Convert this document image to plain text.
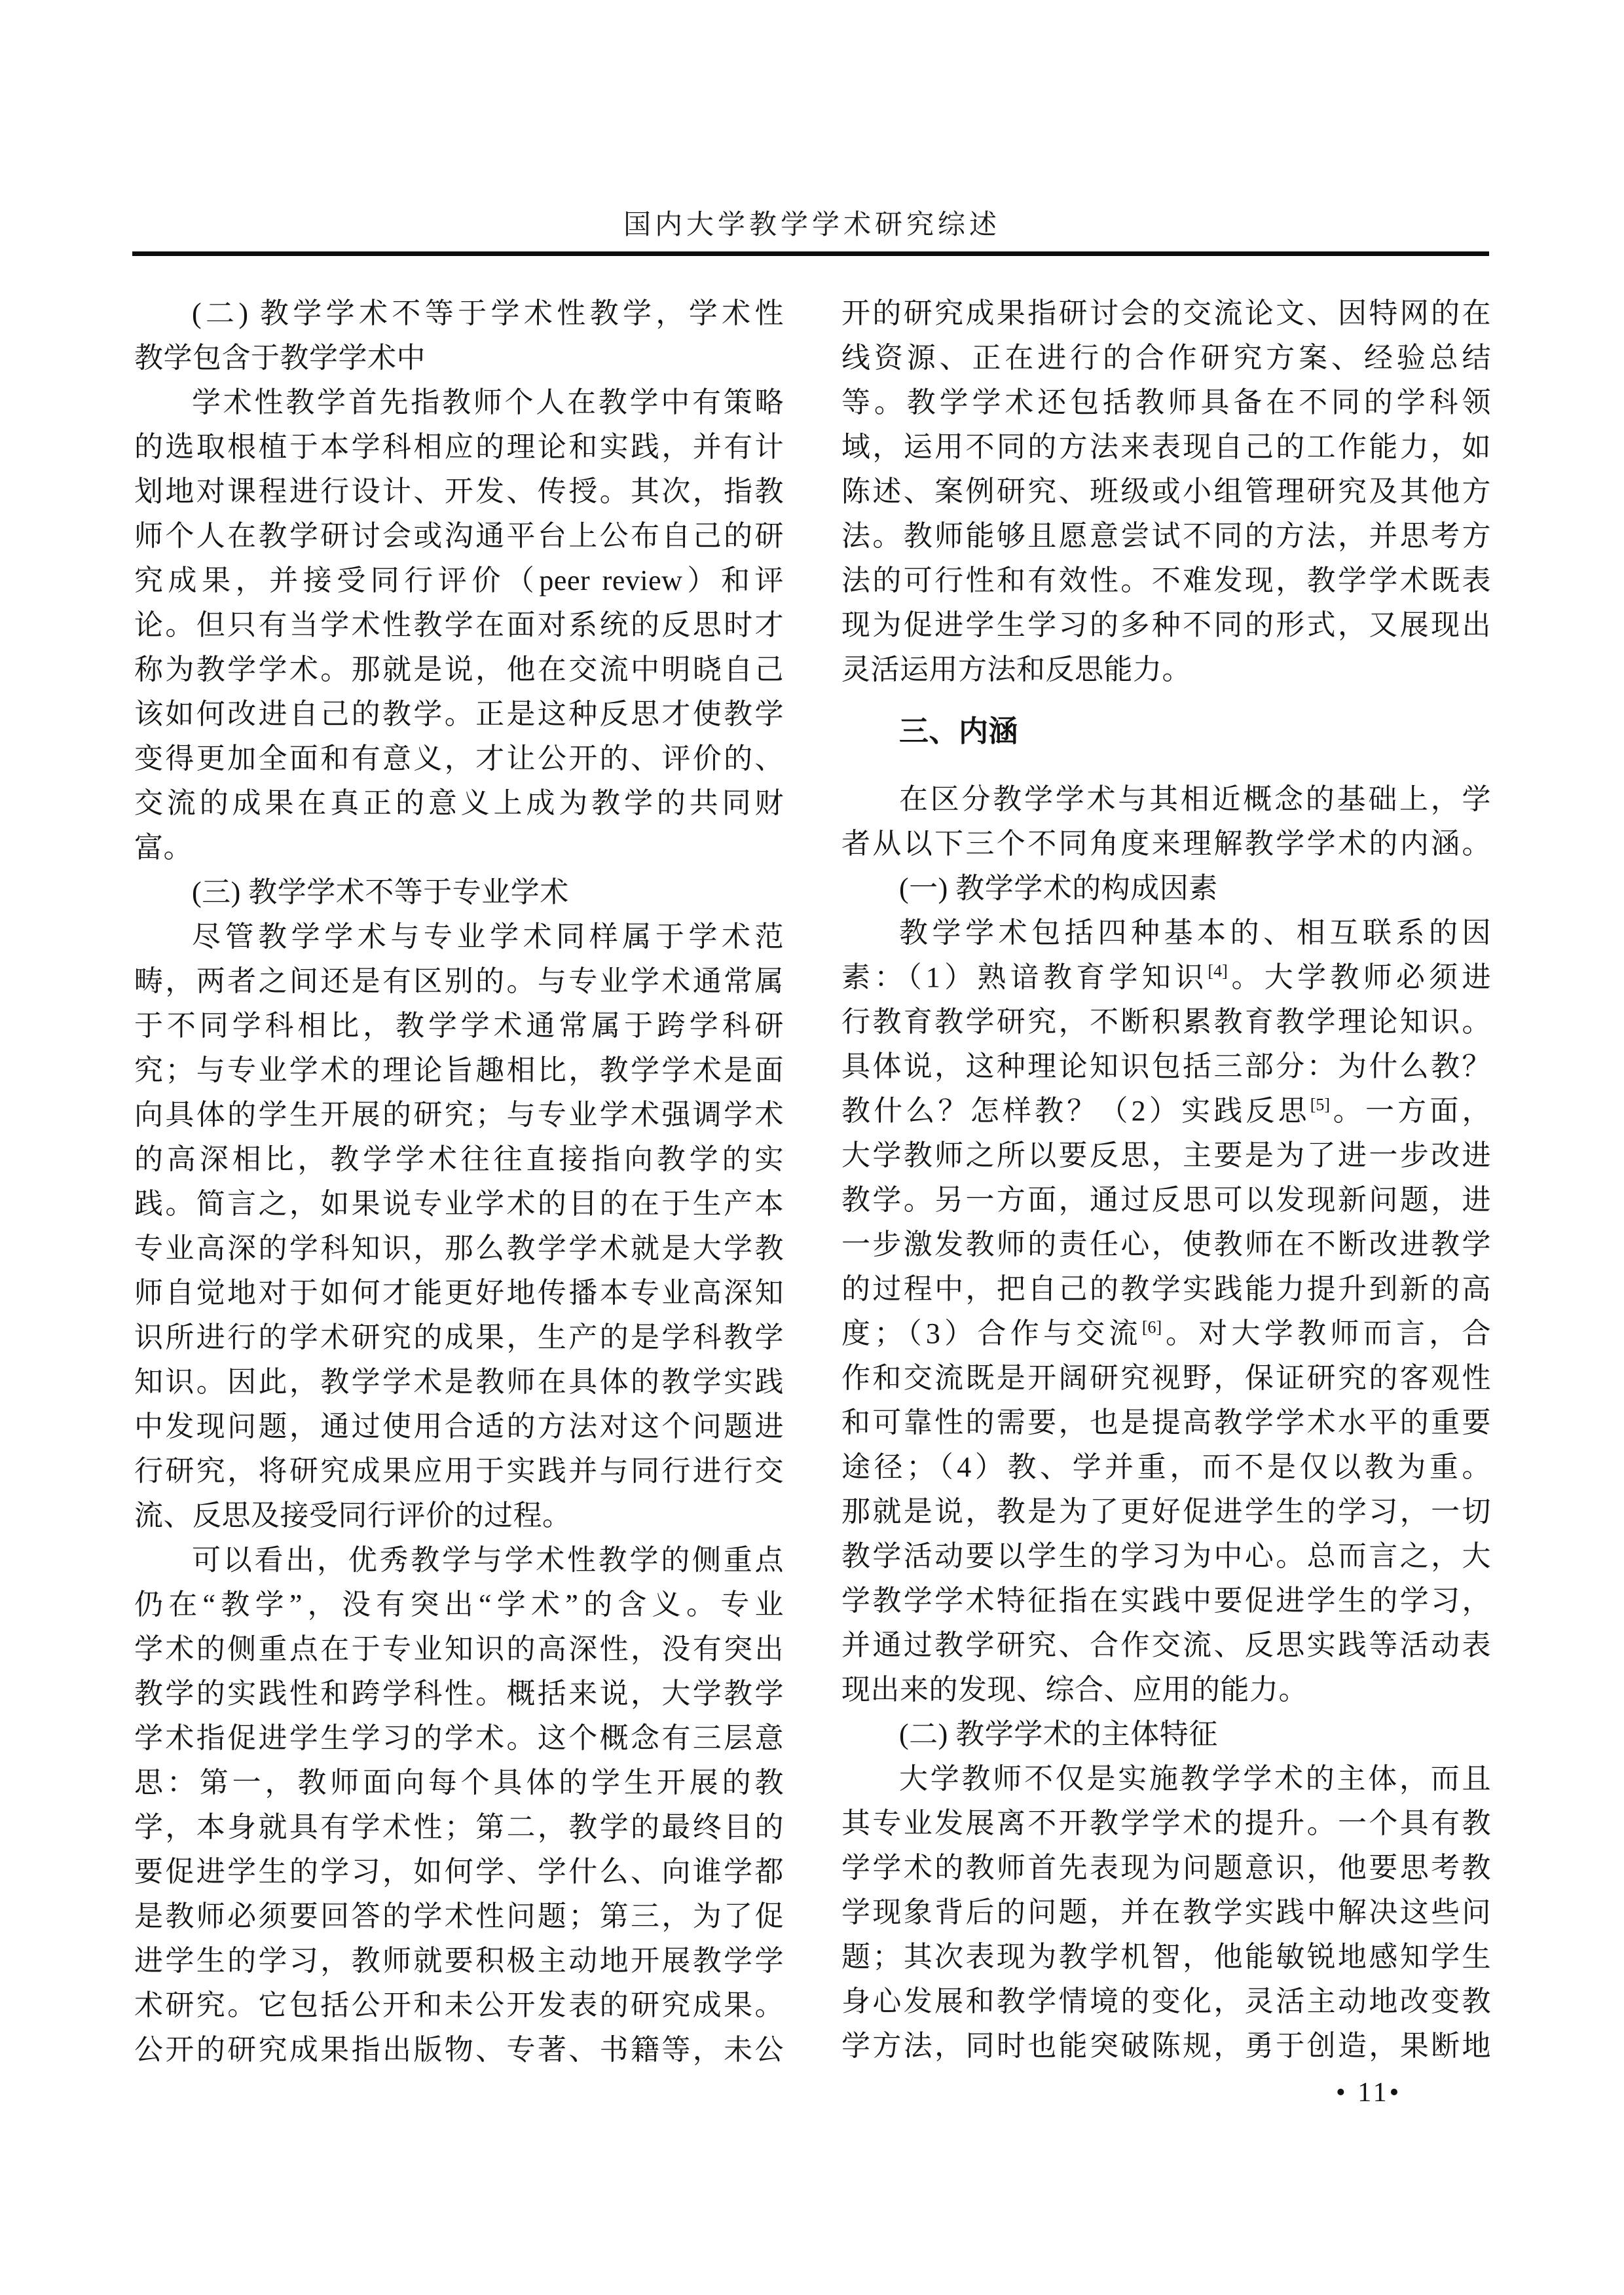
国内大学教学学术研究综述
(二) 教学学术不等于学术性教学，学术性
教学包含于教学学术中
学术性教学首先指教师个人在教学中有策略
的选取根植于本学科相应的理论和实践，并有计
划地对课程进行设计、开发、传授。其次，指教
师个人在教学研讨会或沟通平台上公布自己的研
究成果，并接受同行评价（peer review）和评
论。但只有当学术性教学在面对系统的反思时才
称为教学学术。那就是说，他在交流中明晓自己
该如何改进自己的教学。正是这种反思才使教学
变得更加全面和有意义，才让公开的、评价的、
交流的成果在真正的意义上成为教学的共同财
富。
(三) 教学学术不等于专业学术
尽管教学学术与专业学术同样属于学术范
畴，两者之间还是有区别的。与专业学术通常属
于不同学科相比，教学学术通常属于跨学科研
究；与专业学术的理论旨趣相比，教学学术是面
向具体的学生开展的研究；与专业学术强调学术
的高深相比，教学学术往往直接指向教学的实
践。简言之，如果说专业学术的目的在于生产本
专业高深的学科知识，那么教学学术就是大学教
师自觉地对于如何才能更好地传播本专业高深知
识所进行的学术研究的成果，生产的是学科教学
知识。因此，教学学术是教师在具体的教学实践
中发现问题，通过使用合适的方法对这个问题进
行研究，将研究成果应用于实践并与同行进行交
流、反思及接受同行评价的过程。
可以看出，优秀教学与学术性教学的侧重点
仍在“教学”，没有突出“学术”的含义。专业
学术的侧重点在于专业知识的高深性，没有突出
教学的实践性和跨学科性。概括来说，大学教学
学术指促进学生学习的学术。这个概念有三层意
思：第一，教师面向每个具体的学生开展的教
学，本身就具有学术性；第二，教学的最终目的
要促进学生的学习，如何学、学什么、向谁学都
是教师必须要回答的学术性问题；第三，为了促
进学生的学习，教师就要积极主动地开展教学学
术研究。它包括公开和未公开发表的研究成果。
公开的研究成果指出版物、专著、书籍等，未公
开的研究成果指研讨会的交流论文、因特网的在
线资源、正在进行的合作研究方案、经验总结
等。教学学术还包括教师具备在不同的学科领
域，运用不同的方法来表现自己的工作能力，如
陈述、案例研究、班级或小组管理研究及其他方
法。教师能够且愿意尝试不同的方法，并思考方
法的可行性和有效性。不难发现，教学学术既表
现为促进学生学习的多种不同的形式，又展现出
灵活运用方法和反思能力。
三、内涵
在区分教学学术与其相近概念的基础上，学
者从以下三个不同角度来理解教学学术的内涵。
(一) 教学学术的构成因素
教学学术包括四种基本的、相互联系的因
素：（1）熟谙教育学知识[4]。大学教师必须进
行教育教学研究，不断积累教育教学理论知识。
具体说，这种理论知识包括三部分：为什么教？
教什么？怎样教？（2）实践反思[5]。一方面，
大学教师之所以要反思，主要是为了进一步改进
教学。另一方面，通过反思可以发现新问题，进
一步激发教师的责任心，使教师在不断改进教学
的过程中，把自己的教学实践能力提升到新的高
度；（3）合作与交流[6]。对大学教师而言，合
作和交流既是开阔研究视野，保证研究的客观性
和可靠性的需要，也是提高教学学术水平的重要
途径；（4）教、学并重，而不是仅以教为重。
那就是说，教是为了更好促进学生的学习，一切
教学活动要以学生的学习为中心。总而言之，大
学教学学术特征指在实践中要促进学生的学习，
并通过教学研究、合作交流、反思实践等活动表
现出来的发现、综合、应用的能力。
(二) 教学学术的主体特征
大学教师不仅是实施教学学术的主体，而且
其专业发展离不开教学学术的提升。一个具有教
学学术的教师首先表现为问题意识，他要思考教
学现象背后的问题，并在教学实践中解决这些问
题；其次表现为教学机智，他能敏锐地感知学生
身心发展和教学情境的变化，灵活主动地改变教
学方法，同时也能突破陈规，勇于创造，果断地
• 11•
